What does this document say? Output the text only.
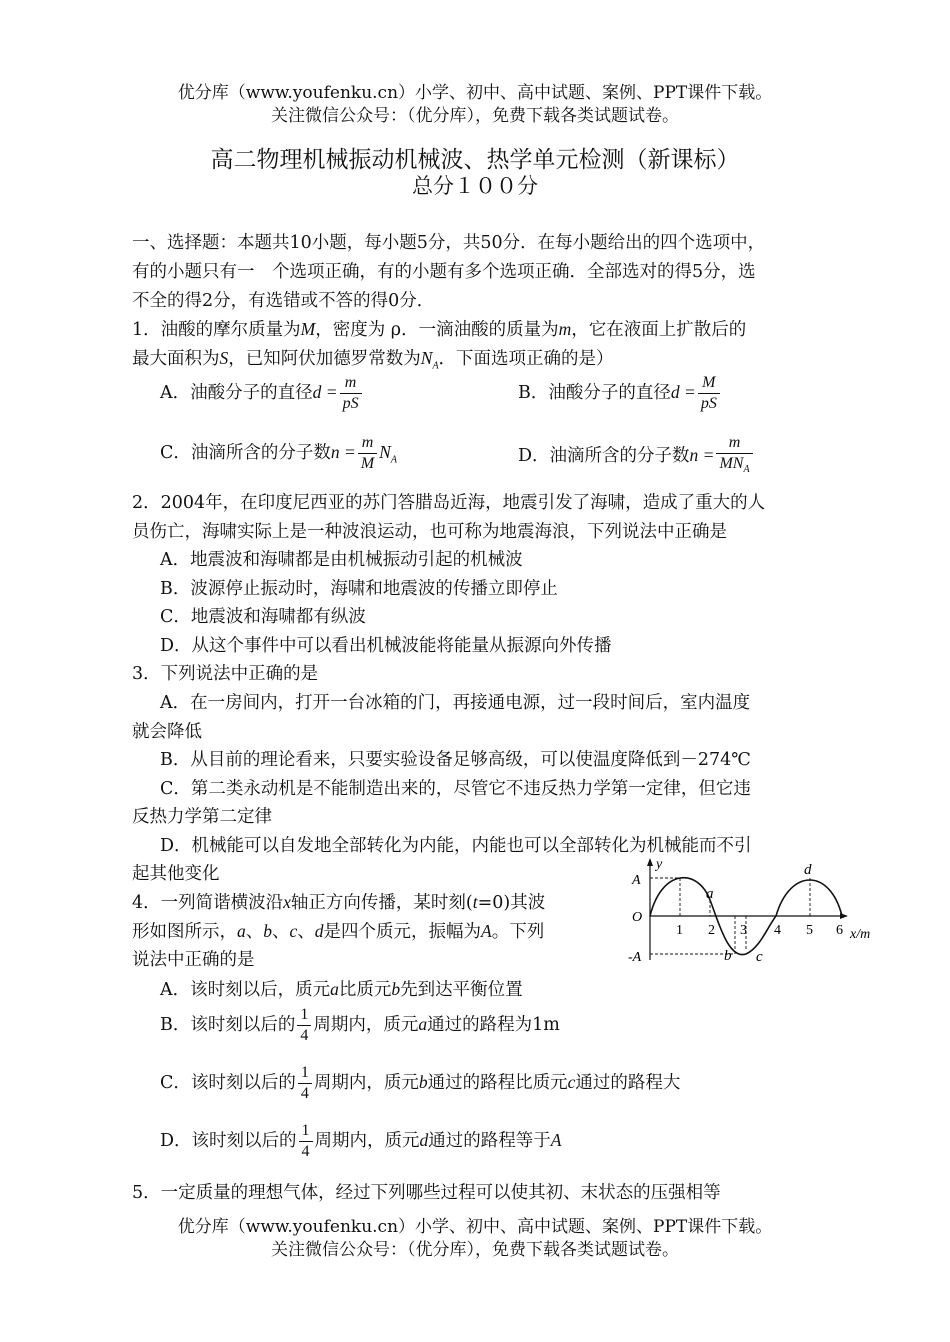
优分库（www.youfenku.cn）小学、初中、高中试题、案例、PPT课件下载。
关注微信公众号：（优分库），免费下载各类试题试卷。
高二物理机械振动机械波、热学单元检测（新课标）
总分１００分
一、选择题：本题共10小题，每小题5分，共50分．在每小题给出的四个选项中，
有的小题只有一　个选项正确，有的小题有多个选项正确．全部选对的得5分，选
不全的得2分，有选错或不答的得0分．
1．油酸的摩尔质量为M，密度为 ρ．一滴油酸的质量为m，它在液面上扩散后的
最大面积为S，已知阿伏加德罗常数为$N_A$．下面选项正确的是）
A．油酸分子的直径$d = \frac{m}{pS}$	B．油酸分子的直径$d = \frac{M}{pS}$
C．油滴所含的分子数$n = \frac{m}{M} N_A$	D．油滴所含的分子数$n = \frac{m}{MN_A}$
2．2004年，在印度尼西亚的苏门答腊岛近海，地震引发了海啸，造成了重大的人
员伤亡，海啸实际上是一种波浪运动，也可称为地震海浪，下列说法中正确是
A．地震波和海啸都是由机械振动引起的机械波
B．波源停止振动时，海啸和地震波的传播立即停止
C．地震波和海啸都有纵波
D．从这个事件中可以看出机械波能将能量从振源向外传播
3．下列说法中正确的是
A．在一房间内，打开一台冰箱的门，再接通电源，过一段时间后，室内温度
就会降低
B．从目前的理论看来，只要实验设备足够高级，可以使温度降低到－274℃
C．第二类永动机是不能制造出来的，尽管它不违反热力学第一定律，但它违
反热力学第二定律
D．机械能可以自发地全部转化为内能，内能也可以全部转化为机械能而不引
起其他变化
4．一列简谐横波沿x轴正方向传播，某时刻(t=0)其波
形如图所示，a、b、c、d是四个质元，振幅为A。下列
说法中正确的是
A．该时刻以后，质元a比质元b先到达平衡位置
B．该时刻以后的 $\frac{1}{4}$ 周期内，质元a通过的路程为1m
C．该时刻以后的 $\frac{1}{4}$ 周期内，质元b通过的路程比质元c通过的路程大
D．该时刻以后的 $\frac{1}{4}$ 周期内，质元d通过的路程等于A
5．一定质量的理想气体，经过下列哪些过程可以使其初、末状态的压强相等
y
A
O
-A
1 2 3 4 5 6 x/m
a
b c
d
优分库（www.youfenku.cn）小学、初中、高中试题、案例、PPT课件下载。
关注微信公众号：（优分库），免费下载各类试题试卷。
